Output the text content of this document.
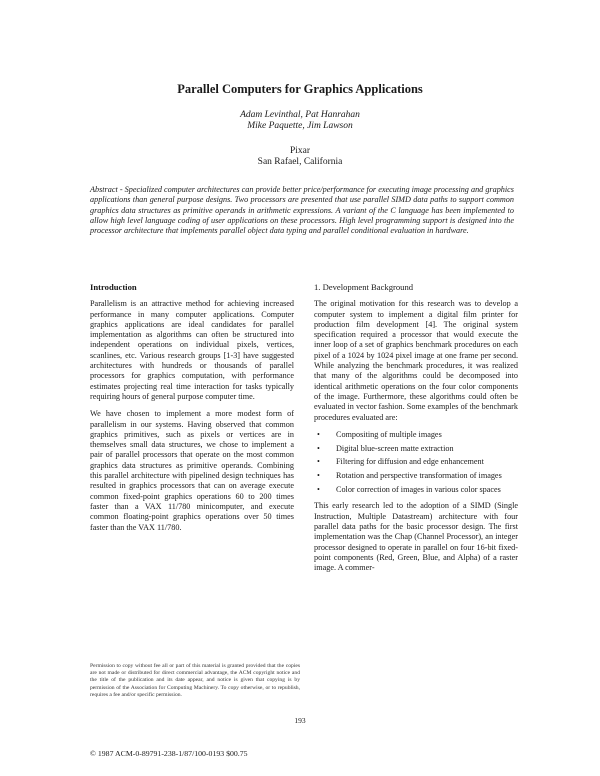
Parallel Computers for Graphics Applications
Adam Levinthal, Pat Hanrahan
Mike Paquette, Jim Lawson
Pixar
San Rafael, California
Abstract - Specialized computer architectures can provide better price/performance for executing image processing and graphics applications than general purpose designs. Two processors are presented that use parallel SIMD data paths to support common graphics data structures as primitive operands in arithmetic expressions. A variant of the C language has been implemented to allow high level language coding of user applications on these processors. High level programming support is designed into the processor architecture that implements parallel object data typing and parallel conditional evaluation in hardware.
Introduction

Parallelism is an attractive method for achieving increased performance in many computer applications. Computer graphics applications are ideal candidates for parallel implementation as algorithms can often be structured into independent operations on individual pixels, vertices, scanlines, etc. Various research groups [1-3] have suggested architectures with hundreds or thousands of parallel processors for graphics computation, with performance estimates projecting real time interaction for tasks typically requiring hours of general purpose computer time.

We have chosen to implement a more modest form of parallelism in our systems. Having observed that common graphics primitives, such as pixels or vertices are in themselves small data structures, we chose to implement a pair of parallel processors that operate on the most common graphics data structures as primitive operands. Combining this parallel architecture with pipelined design techniques has resulted in graphics processors that can on average execute common fixed-point graphics operations 60 to 200 times faster than a VAX 11/780 minicomputer, and execute common floating-point graphics operations over 50 times faster than the VAX 11/780.

1. Development Background

The original motivation for this research was to develop a computer system to implement a digital film printer for production film development [4]. The original system specification required a processor that would execute the inner loop of a set of graphics benchmark procedures on each pixel of a 1024 by 1024 pixel image at one frame per second. While analyzing the benchmark procedures, it was realized that many of the algorithms could be decomposed into identical arithmetic operations on the four color components of the image. Furthermore, these algorithms could often be evaluated in vector fashion. Some examples of the benchmark procedures evaluated are:

• Compositing of multiple images
• Digital blue-screen matte extraction
• Filtering for diffusion and edge enhancement
• Rotation and perspective transformation of images
• Color correction of images in various color spaces

This early research led to the adoption of a SIMD (Single Instruction, Multiple Datastream) architecture with four parallel data paths for the basic processor design. The first implementation was the Chap (Channel Processor), an integer processor designed to operate in parallel on four 16-bit fixed-point components (Red, Green, Blue, and Alpha) of a raster image. A commer-

Permission to copy without fee all or part of this material is granted provided that the copies are not made or distributed for direct commercial advantage, the ACM copyright notice and the title of the publication and its date appear, and notice is given that copying is by permission of the Association for Computing Machinery. To copy otherwise, or to republish, requires a fee and/or specific permission.
193
© 1987 ACM-0-89791-238-1/87/100-0193 $00.75
